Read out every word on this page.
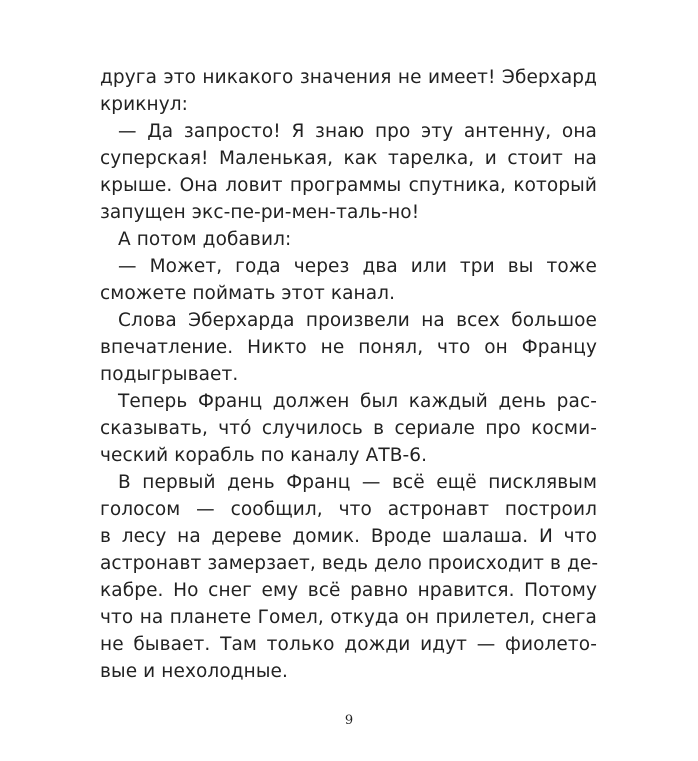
друга это никакого значения не имеет! Эберхард
крикнул:
— Да запросто! Я знаю про эту антенну, она
суперская! Маленькая, как тарелка, и стоит на
крыше. Она ловит программы спутника, который
запущен экс-пе-ри-мен-таль-но!
А потом добавил:
— Может, года через два или три вы тоже
сможете поймать этот канал.
Слова Эберхарда произвели на всех большое
впечатление. Никто не понял, что он Францу
подыгрывает.
Теперь Франц должен был каждый день рас-
сказывать, чтó случилось в сериале про косми-
ческий корабль по каналу АТВ-6.
В первый день Франц — всё ещё писклявым
голосом — сообщил, что астронавт построил
в лесу на дереве домик. Вроде шалаша. И что
астронавт замерзает, ведь дело происходит в де-
кабре. Но снег ему всё равно нравится. Потому
что на планете Гомел, откуда он прилетел, снега
не бывает. Там только дожди идут — фиолето-
вые и нехолодные.
9
